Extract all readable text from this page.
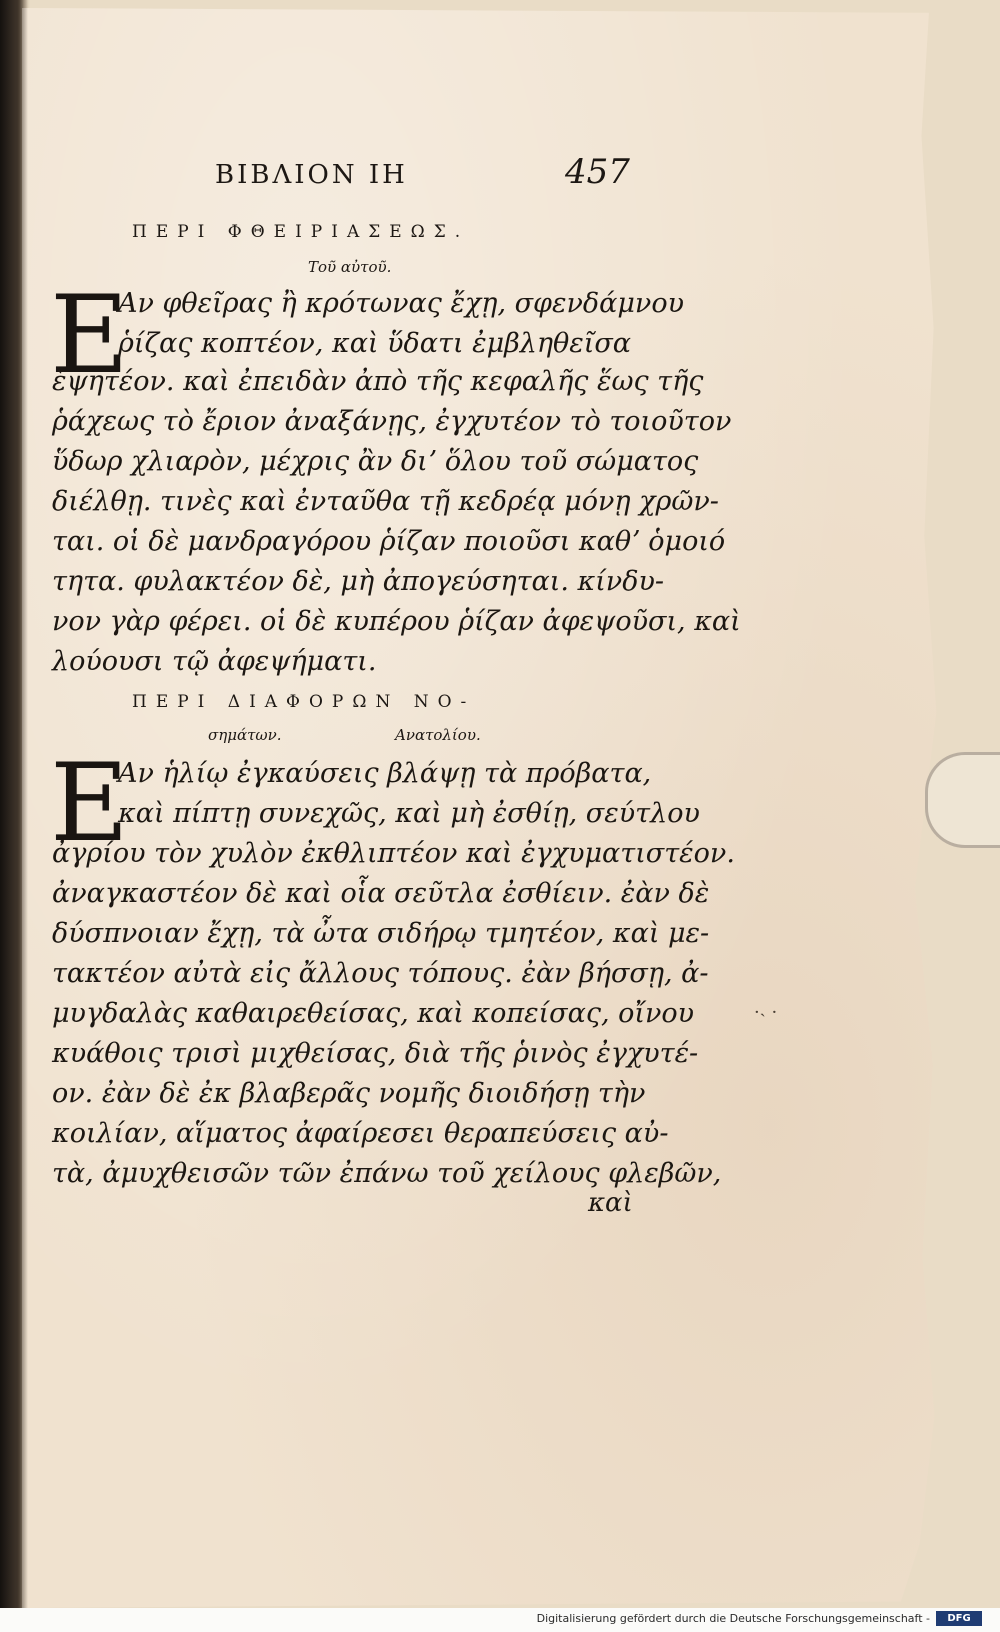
·˴ ·
ΒΙΒΛΙΟΝ ΙΗ	457
ΠΕΡΙ ΦΘΕΙΡΙΑΣΕΩΣ.
Τοῦ αὐτοῦ.
Ε
Αν φθεῖρας ἢ κρότωνας ἔχῃ, σφενδάμνου
ῥίζας κοπτέον, καὶ ὕδατι ἐμβληθεῖσα
ἑψητέον. καὶ ἐπειδὰν ἀπὸ τῆς κεφαλῆς ἕως τῆς
ῥάχεως τὸ ἔριον ἀναξάνῃς, ἐγχυτέον τὸ τοιοῦτον
ὕδωρ χλιαρὸν, μέχρις ἂν διʼ ὅλου τοῦ σώματος
διέλθῃ. τινὲς καὶ ἐνταῦθα τῇ κεδρέᾳ μόνῃ χρῶν-
ται. οἱ δὲ μανδραγόρου ῥίζαν ποιοῦσι καθʼ ὁμοιό
τητα. φυλακτέον δὲ, μὴ ἀπογεύσηται. κίνδυ-
νον γὰρ φέρει. οἱ δὲ κυπέρου ῥίζαν ἀφεψοῦσι, καὶ
λούουσι τῷ ἀφεψήματι.
ΠΕΡΙ ΔΙΑΦΟΡΩΝ ΝΟ-
σημάτων.	Ανατολίου.
Ε
Αν ἡλίῳ ἐγκαύσεις βλάψῃ τὰ πρόβατα,
καὶ πίπτῃ συνεχῶς, καὶ μὴ ἐσθίῃ, σεύτλου
ἀγρίου τὸν χυλὸν ἐκθλιπτέον καὶ ἐγχυματιστέον.
ἀναγκαστέον δὲ καὶ οἷα σεῦτλα ἐσθίειν. ἐὰν δὲ
δύσπνοιαν ἔχῃ, τὰ ὦτα σιδήρῳ τμητέον, καὶ με-
τακτέον αὐτὰ εἰς ἄλλους τόπους. ἐὰν βήσσῃ, ἀ-
μυγδαλὰς καθαιρεθείσας, καὶ κοπείσας, οἴνου
κυάθοις τρισὶ μιχθείσας, διὰ τῆς ῥινὸς ἐγχυτέ-
ον. ἐὰν δὲ ἐκ βλαβερᾶς νομῆς διοιδήσῃ τὴν
κοιλίαν, αἵματος ἀφαίρεσει θεραπεύσεις αὐ-
τὰ, ἀμυχθεισῶν τῶν ἐπάνω τοῦ χείλους φλεβῶν,
καὶ
Digitalisierung gefördert durch die Deutsche Forschungsgemeinschaft -	DFG
